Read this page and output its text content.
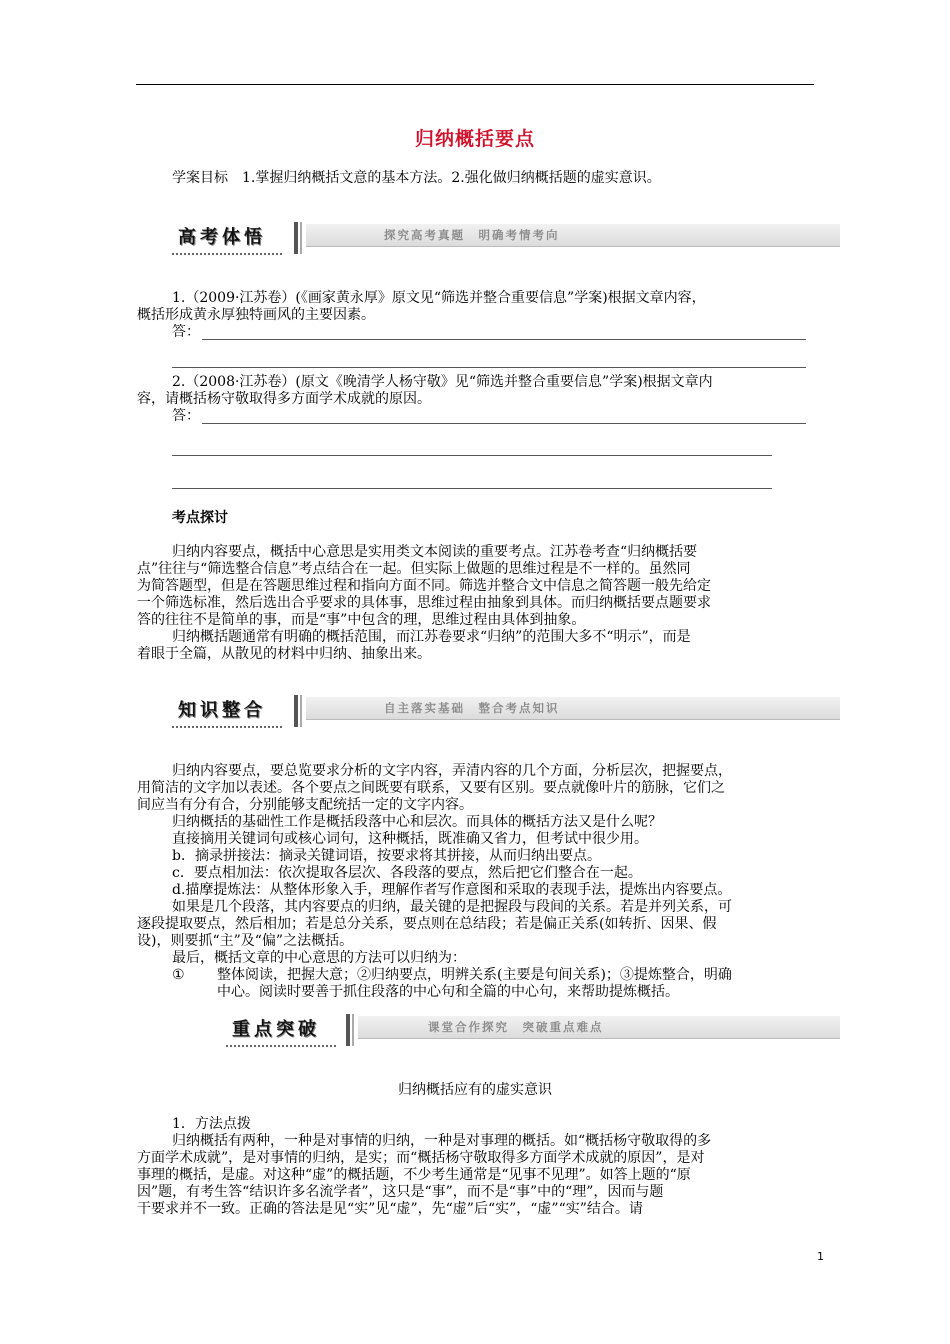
归纳概括要点
学案目标　1.掌握归纳概括文意的基本方法。2.强化做归纳概括题的虚实意识。
高考体悟	探究高考真题　明确考情考向
1.（2009·江苏卷）(《画家黄永厚》原文见“筛选并整合重要信息”学案)根据文章内容，
概括形成黄永厚独特画风的主要因素。
答：
2.（2008·江苏卷）(原文《晚清学人杨守敬》见“筛选并整合重要信息”学案)根据文章内
容，请概括杨守敬取得多方面学术成就的原因。
答：
考点探讨
归纳内容要点，概括中心意思是实用类文本阅读的重要考点。江苏卷考查“归纳概括要
点”往往与“筛选整合信息”考点结合在一起。但实际上做题的思维过程是不一样的。虽然同
为简答题型，但是在答题思维过程和指向方面不同。筛选并整合文中信息之简答题一般先给定
一个筛选标准，然后选出合乎要求的具体事，思维过程由抽象到具体。而归纳概括要点题要求
答的往往不是简单的事，而是“事”中包含的理，思维过程由具体到抽象。
归纳概括题通常有明确的概括范围，而江苏卷要求“归纳”的范围大多不“明示”，而是
着眼于全篇，从散见的材料中归纳、抽象出来。
知识整合	自主落实基础　整合考点知识
归纳内容要点，要总览要求分析的文字内容，弄清内容的几个方面，分析层次，把握要点，
用简洁的文字加以表述。各个要点之间既要有联系，又要有区别。要点就像叶片的筋脉，它们之
间应当有分有合，分别能够支配统括一定的文字内容。
归纳概括的基础性工作是概括段落中心和层次。而具体的概括方法又是什么呢？
直接摘用关键词句或核心词句，这种概括，既准确又省力，但考试中很少用。
b．摘录拼接法：摘录关键词语，按要求将其拼接，从而归纳出要点。
c．要点相加法：依次提取各层次、各段落的要点，然后把它们整合在一起。
d.描摩提炼法：从整体形象入手，理解作者写作意图和采取的表现手法，提炼出内容要点。
如果是几个段落，其内容要点的归纳，最关键的是把握段与段间的关系。若是并列关系，可
逐段提取要点，然后相加；若是总分关系，要点则在总结段；若是偏正关系(如转折、因果、假
设)，则要抓“主”及“偏”之法概括。
最后，概括文章的中心意思的方法可以归纳为：
① 整体阅读，把握大意；②归纳要点，明辨关系(主要是句间关系)；③提炼整合，明确
中心。阅读时要善于抓住段落的中心句和全篇的中心句，来帮助提炼概括。
重点突破	课堂合作探究　突破重点难点
归纳概括应有的虚实意识
1．方法点拨
归纳概括有两种，一种是对事情的归纳，一种是对事理的概括。如“概括杨守敬取得的多
方面学术成就”，是对事情的归纳，是实；而“概括杨守敬取得多方面学术成就的原因”，是对
事理的概括，是虚。对这种“虚”的概括题，不少考生通常是“见事不见理”。如答上题的“原
因”题，有考生答“结识许多名流学者”，这只是“事”，而不是“事”中的“理”，因而与题
干要求并不一致。正确的答法是见“实”见“虚”，先“虚”后“实”，“虚”“实”结合。请
1
